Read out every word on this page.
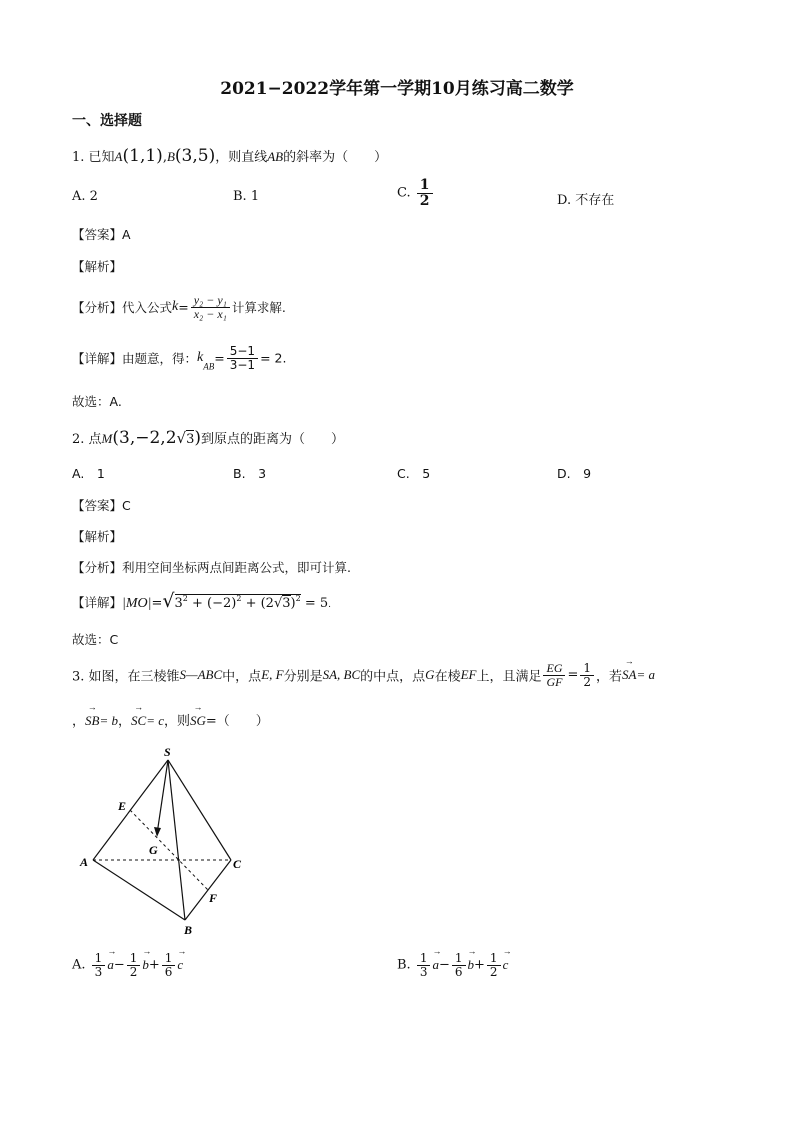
2021−2022学年第一学期10月练习高二数学
一、选择题
1. 已知A(1,1),B(3,5)，则直线AB的斜率为（　　）
A. 2	B. 1	C. $\frac{1}{2}$	D. 不存在
【答案】A
【解析】
【分析】代入公式$k= \frac{\text{y₂ − y₁}}{\text{x₂ − x₁}}$ 计算求解.
【详解】由题意，得：$k_{AB}= \frac{5-1}{3-1} = 2$.
故选：A.
2. 点M(3,−2,2√3)到原点的距离为（　　）
A.　 1	B.　 3	C.　 5	D.　 9
【答案】C
【解析】
【分析】利用空间坐标两点间距离公式，即可计算.
【详解】$|MO|=√3^2 + (-2)^2 + (2√3)^2 = 5$.
故选：C
3. 如图，在三棱锥S—ABC中，点E, F分别是SA, BC的中点，点G在棱EF上，且满足 $\frac{EG}{GF} = \frac{1}{2}$ ，若→ SA= a
，→ SB= b，→ SC= c，则→ SG=（　　）
S
E
G
A	C
F
B
A. $\frac{1}{3}$
→ $a- \frac{1}{2}$
→ $b+ \frac{1}{6}$
→ c	B. $\frac{1}{3}$
→ $a- \frac{1}{6}$
→ $b+ \frac{1}{2}$
→ c
